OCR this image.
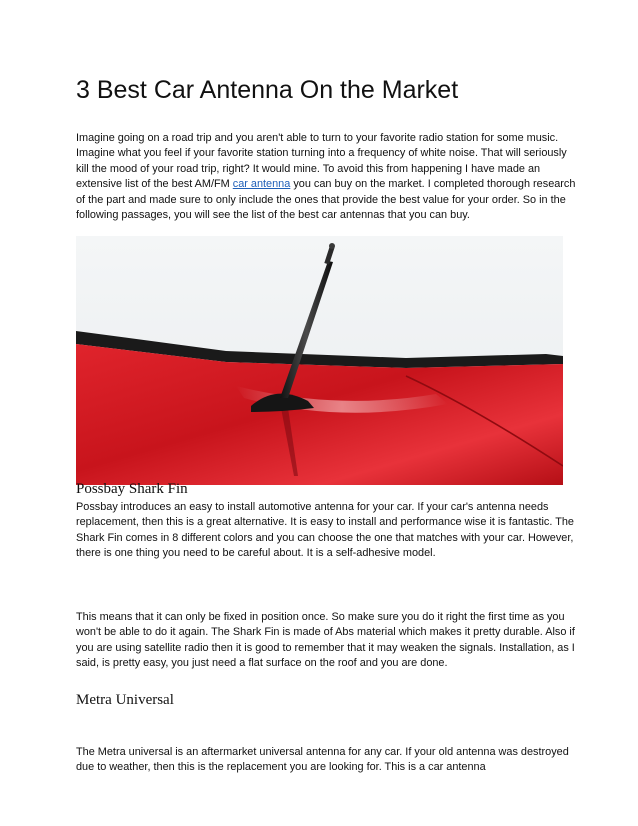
3 Best Car Antenna On the Market

Imagine going on a road trip and you aren't able to turn to your favorite radio station for some music. Imagine what you feel if your favorite station turning into a frequency of white noise. That will seriously kill the mood of your road trip, right? It would mine. To avoid this from happening I have made an extensive list of the best AM/FM car antenna you can buy on the market. I completed thorough research of the part and made sure to only include the ones that provide the best value for your order. So in the following passages, you will see the list of the best car antennas that you can buy.

Possbay Shark Fin

Possbay introduces an easy to install automotive antenna for your car. If your car's antenna needs replacement, then this is a great alternative. It is easy to install and performance wise it is fantastic. The Shark Fin comes in 8 different colors and you can choose the one that matches with your car. However, there is one thing you need to be careful about. It is a self-adhesive model.

This means that it can only be fixed in position once. So make sure you do it right the first time as you won't be able to do it again. The Shark Fin is made of Abs material which makes it pretty durable. Also if you are using satellite radio then it is good to remember that it may weaken the signals. Installation, as I said, is pretty easy, you just need a flat surface on the roof and you are done.

Metra Universal

The Metra universal is an aftermarket universal antenna for any car. If your old antenna was destroyed due to weather, then this is the replacement you are looking for. This is a car antenna
